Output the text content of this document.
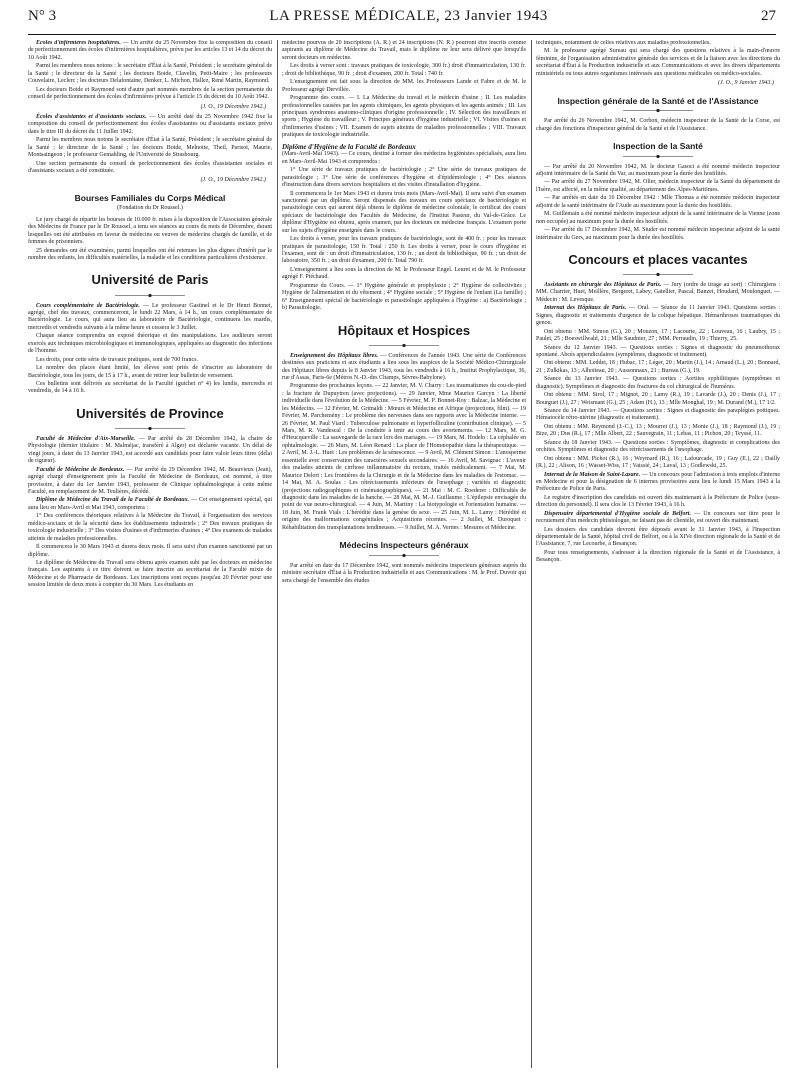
N° 3	LA PRESSE MÉDICALE, 23 Janvier 1943	27

Écoles d'infirmières hospitalières. — Un arrêté du 25 Novembre fixe la composition du conseil de perfectionnement des écoles d'infirmières hospitalières, prévu par les articles 13 et 14 du décret du 10 Août 1942.

Parmi les membres nous notons : le secrétaire d'État à la Santé, Président ; le secrétaire général de la Santé ; le directeur de la Santé ; les docteurs Boide, Clavelin, Petit-Maire ; les professeurs Couvelaire, Leclerc ; les docteurs Delafontaine, Denker, L. Michon, Hallez, René Martin, Raymond.

Les docteurs Boide et Raymond sont d'autre part nommés membres de la section permanente du conseil de perfectionnement des écoles d'infirmières prévue à l'article 15 du décret du 10 Août 1942.

(J. O., 19 Décembre 1942.)

Écoles d'assistantes et d'assistants sociaux. — Un arrêté daté du 25 Novembre 1942 fixe la composition du conseil de perfectionnement des écoles d'assistantes ou d'assistants sociaux prévu dans le titre III du décret du 11 Juillet 1942.

Parmi les membres nous notons le secrétaire d'État à la Santé, Président ; le secrétaire général de la Santé ; le directeur de la Santé ; les docteurs Boide, Melnotte, Theil, Parisot, Maurie, Montsaingeon ; le professeur Gemahling, de l'Université de Strasbourg.

Une section permanente du conseil de perfectionnement des écoles d'assistantes sociales et d'assistants sociaux a été constituée.

(J. O., 19 Décembre 1942.)
Bourses Familiales du Corps Médical
(Fondation du Dr Roussel.)

Le jury chargé de répartir les bourses de 10.000 fr. mises à la disposition de l'Association générale des Médecins de France par le Dr Roussel, a tenu ses séances au cours du mois de Décembre, durant lesquelles ont été attribuées en faveur de médecins ou veuves de médecins chargés de famille, et de femmes de prisonniers.

25 demandes ont été examinées, parmi lesquelles ont été retenues les plus dignes d'intérêt par le nombre des enfants, les difficultés matérielles, la maladie et les conditions particulières d'existence.

Université de Paris

Cours complémentaire de Bactériologie. — Le professeur Gastinel et le Dr Henri Bonnet, agrégé, chef des travaux, commenceront, le lundi 22 Mars, à 14 h., un cours complémentaire de Bactériologie. Le cours, qui aura lieu au laboratoire de Bactériologie, continuera les mardis, mercredis et vendredis suivants à la même heure et cessera le 3 Juillet.

Chaque séance comprendra un exposé théorique et des manipulations. Les auditeurs seront exercés aux techniques microbiologiques et immunologiques, appliquées au diagnostic des infections de l'homme.

Les droits, pour cette série de travaux pratiques, sont de 700 francs.

Le nombre des places étant limité, les élèves sont priés de s'inscrire au laboratoire de Bactériologie, tous les jours, de 15 à 17 h., avant de retirer leur bulletin de versement.

Ces bulletins sont délivrés au secrétariat de la Faculté (guichet n° 4) les lundis, mercredis et vendredis, de 14 à 16 h.

Universités de Province

Faculté de Médecine d'Aix-Marseille. — Par arrêté du 28 Décembre 1942, la chaire de Physiologie (dernier titulaire : M. Malméjac, transféré à Alger) est déclarée vacante. Un délai de vingt jours, à dater du 13 Janvier 1943, est accordé aux candidats pour faire valoir leurs titres (délai de rigueur).

Faculté de Médecine de Bordeaux. — Par arrêté du 29 Décembre 1942, M. Beauvieux (Jean), agrégé chargé d'enseignement près la Faculté de Médecine de Bordeaux, est nommé, à titre provisoire, à dater du 1er Janvier 1943, professeur de Clinique ophtalmologique à cette même Faculté, en remplacement de M. Teulières, décédé.

Diplôme de Médecine du Travail de la Faculté de Bordeaux. — Cet enseignement spécial, qui aura lieu en Mars-Avril et Mai 1943, comportera :

1° Des conférences théoriques relatives à la Médecine du Travail, à l'organisation des services médico-sociaux et de la sécurité dans les établissements industriels ; 2° Des travaux pratiques de toxicologie industrielle ; 3° Des visites d'usines et d'infirmeries d'usines ; 4° Des examens de malades atteints de maladies professionnelles.

Il commencera le 30 Mars 1943 et durera deux mois. Il sera suivi d'un examen sanctionné par un diplôme.

Le diplôme de Médecine du Travail sera obtenu après examen subi par les docteurs en médecine français. Les aspirants à ce titre doivent se faire inscrire au secrétariat de la Faculté mixte de Médecine et de Pharmacie de Bordeaux. Les inscriptions sont reçues jusqu'au 20 Février pour une session limitée de deux mois à compter du 30 Mars. Les étudiants en

médecine pourvus de 20 inscriptions (A. R.) et 24 inscriptions (N. R.) pourront être inscrits comme aspirants au diplôme de Médecine du Travail, mais le diplôme ne leur sera délivré que lorsqu'ils seront docteurs en médecine.

Les droits à verser sont : travaux pratiques de toxicologie, 300 fr.) droit d'immatriculation, 130 fr. ; droit de bibliothèque, 90 fr. ; droit d'examen, 200 fr. Total : 740 fr.

L'enseignement est fait sous la direction de MM. les Professeurs Lande et Fabre et de M. le Professeur agrégé Dervillée.

Programme des cours. — I. La Médecine du travail et le médecin d'usine ; II. Les maladies professionnelles causées par les agents chimiques, les agents physiques et les agents animés ; III. Les principaux syndromes anatomo-cliniques d'origine professionnelle ; IV. Sélection des travailleurs et sports ; Hygiène du travailleur ; V. Principes généraux d'hygiène industrielle ; VI. Visites d'usines et d'infirmeries d'usines ; VII. Examen de sujets atteints de maladies professionnelles ; VIII. Travaux pratiques de toxicologie industrielle.

Diplôme d'Hygiène de la Faculté de Bordeaux

(Mars-Avril-Mai 1943). — Ce cours, destiné à former des médecins hygiénistes spécialisés, aura lieu en Mars-Avril-Mai 1943 et comprendra :

1° Une série de travaux pratiques de bactériologie ; 2° Une série de travaux pratiques de parasitologie ; 3° Une série de conférences d'hygiène et d'épidémiologie ; 4° Des séances d'instruction dans divers services hospitaliers et des visites d'installation d'hygiène.

Il commencera le 1er Mars 1943 et durera trois mois (Mars-Avril-Mai). Il sera suivi d'un examen sanctionné par un diplôme. Seront dispensés des travaux en cours spéciaux de bactériologie et parasitologie ceux qui auront déjà obtenu le diplôme de médecine coloniale, le certificat des cours spéciaux de bactériologie des Facultés de Médecine, de l'Institut Pasteur, du Val-de-Grâce. Le diplôme d'Hygiène est obtenu, après examen, par les docteurs en médecine français. L'examen porte sur les sujets d'hygiène enseignés dans le cours.

Les droits à verser, pour les travaux pratiques de bactériologie, sont de 400 fr. ; pour les travaux pratiques de parasitologie, 150 fr. Total : 250 fr. Les droits à verser, pour le cours d'hygiène et l'examen, sont de : un droit d'immatriculation, 130 fr. ; un droit de bibliothèque, 90 fr. ; un droit de laboratoire, 350 fr. ; un droit d'examen, 200 fr. Total 790 fr.

L'enseignement a lieu sous la direction de M. le Professeur Engel. Leuret et de M. le Professeur agrégé F. Piéchaud.

Programme du Cours. — 1° Hygiène générale et prophylaxie ; 2° Hygiène de collectivités ; Hygiène de l'alimentation et du vêtement ; 4° Hygiène sociale ; 5° Hygiène de l'enfant (La famille) ; 6° Enseignement spécial de bactériologie et parasitologie appliquées à l'hygiène : a) Bactériologie ; b) Parasitologie.

Hôpitaux et Hospices

Enseignement des Hôpitaux libres. — Conférences de l'année 1943. Une série de Conférences destinées aux praticiens et aux étudiants a lieu sous les auspices de la Société Médico-Chirurgicale des Hôpitaux libres depuis le 8 Janvier 1943, tous les vendredis à 16 h., Institut Prophylactique, 36, rue d'Assas, Paris-6e (Métros N.-D.-des Champs, Sèvres-Babylone).

Programme des prochaines leçons. — 22 Janvier, M. V. Charry : Les traumatismes du cou-de-pied : la fracture de Dupuytren (avec projections). — 29 Janvier, Mme Maurice Garcyn : La liberté individuelle dans l'évolution de la Médecine. — 5 Février, M. P. Bonnet-Roy : Balzac, la Médecine et les Médecins. — 12 Février, M. Grimaldi : Mœurs et Médecine en Afrique (projections, film). — 19 Février, M. Parchemény : Le problème des nerveuses dans ses rapports avec la Médecine interne. — 26 Février, M. Paul Viard : Tuberculose pulmonaire et hyperfolliculine (contribution clinique). — 5 Mars, M. R. Vandescal : De la conduite à tenir au cours des avortements. — 12 Mars, M. G. d'Heucqueville : La sauvegarde de la race lors des mariages. — 19 Mars, M. Hodelo : La céphalée en ophtalmologie. — 26 Mars, M. Léon Renard : La place de l'Homœopathie dans la thérapeutique. — 2 Avril, M. J.-L. Huet : Les problèmes de la sénescence. — 9 Avril, M. Clément Simon : L'anosperme essentielle avec conservation des caractères sexuels secondaires. — 16 Avril, M. Savignac : L'avenir des malades atteints de cirrhose inflammatoire du rectum, traités médicalement. — 7 Mai, M. Maurice Delort : Les frontières de la Chirurgie et de la Médecine dans les maladies de l'estomac. — 14 Mai, M. A. Soulas : Les rétrécissements inférieurs de l'œsophage ; variétés et diagnostic (projections radiographiques et cinématographiques). — 21 Mai : M. C. Roederer : Difficultés de diagnostic dans les maladies de la hanche. — 28 Mai, M. M.-J. Guillaume : L'épilepsie envisagée du point de vue neuro-chirurgical. — 4 Juin, M. Martiny : La biotypologie et l'orientation humaine. — 18 Juin, M. Frank Vials : L'hérédité dans la genèse du sexe. — 25 Juin, M. L. Lamy : Hérédité et origine des malformations congénitales ; Acquisitions récentes. — 2 Juillet, M. Duroquet : Réhabilitation des transplantations tendineuses. — 9 Juillet, M. A. Vernes : Mesures et Médecine.

Médecins Inspecteurs généraux

Par arrêté en date du 17 Décembre 1942, sont nommés médecins inspecteurs généraux auprès du ministre secrétaire d'État à la Production industrielle et aux Communications : M. le Prof. Duvoir qui sera chargé de l'ensemble des études

techniques, notamment de celles relatives aux maladies professionnelles.

M. le professeur agrégé Sureau qui sera chargé des questions relatives à la main-d'œuvre féminine, de l'organisation administrative générale des services et de la liaison avec les directions du secrétariat d'État à la Production industrielle et aux Communications et avec les divers départements ministériels ou tous autres organismes intéressés aux questions médicales ou médico-sociales.

(J. O., 9 Janvier 1943.)
Inspection générale de la Santé et de l'Assistance

Par arrêté du 26 Novembre 1942, M. Corbon, médecin inspecteur de la Santé de la Corse, est chargé des fonctions d'inspecteur général de la Santé et de l'Assistance.

Inspection de la Santé

— Par arrêté du 20 Novembre 1942, M. le docteur Gasoci a été nommé médecin inspecteur adjoint intérimaire de la Santé du Var, au maximum pour la durée des hostilités.

— Par arrêté du 27 Novembre 1942, M. Olier, médecin inspecteur de la Santé du département de l'Isère, est affecté, en la même qualité, au département des Alpes-Maritimes.

— Par arrêtés en date du 16 Décembre 1942 : Mlle Thomas a été nommée médecin inspecteur adjoint de la santé intérimaire de l'Aude au maximum pour la durée des hostilités.

M. Guillemain a été nommé médecin inspecteur adjoint de la santé intérimaire de la Vienne (zone non occupée) au maximum pour la durée des hostilités.

— Par arrêté du 17 Décembre 1942, M. Studer est nommé médecin inspecteur adjoint de la santé intérimaire du Gers, au maximum pour la durée des hostilités.

Concours et places vacantes

Assistants en chirurgie des Hôpitaux de Paris. — Jury (ordre de tirage au sort) : Chirurgiens : MM. Charrier, Huet, Meillère, Bergeret, Labey, Gatellier, Pascal, Banzet, Houdard, Moulonguet. — Médecin : M. Levesque.

Internat des Hôpitaux de Paris. — Oral. — Séance du 11 Janvier 1943. Questions sorties : Signes, diagnostic et traitements d'urgence de la colique hépatique. Hémarthroses traumatiques du genou.

Ont obtenu : MM. Simon (G.), 20 ; Mouzon, 17 ; Lacourte, 22 ; Louveau, 16 ; Laubry, 15 ; Paulet, 25 ; Boeswillwald, 21 ; Mlle Saudnier, 27 ; MM. Perraudin, 19 ; Thierry, 25.

Séance du 12 Janvier 1943. — Questions sorties : Signes et diagnostic du pneumothorax spontané. Abcès appendiculaires (symptômes, diagnostic et traitement).

Ont obtenu : MM. Leddet, 18 ; Hubac, 17 ; Léger, 20 ; Martin (J.), 14 ; Arnaud (L.), 20 ; Bonnard, 21 ; Zulkikas, 13 ; Alhoiteau, 20 ; Aussonnaux, 21 ; Bureau (G.), 19.

Séance du 13 Janvier 1943. — Questions sorties : Aortites syphilitiques (symptômes et diagnostic). Symptômes et diagnostic des fractures du col chirurgical de l'humérus.

Ont obtenu : MM. Sirol, 17 ; Mignot, 20 ; Lamy (R.), 19 ; Lavarde (J.), 20 ; Denis (J.), 17 ; Bourguet (J.), 27 ; Weismant (G.), 25 ; Adam (H.), 13 ; Mlle Monghal, 19 ; M. Durand (M.), 17 1/2.

Séance du 14 Janvier 1943. — Questions sorties : Signes et diagnostic des paraplégies pottiques. Hématocèle rétro-utérine (diagnostic et traitement).

Ont obtenu : MM. Reymond (J.-C.), 13 ; Mourret (J.), 13 ; Monie (J.), 18 ; Raymond (J.), 19 ; Bize, 20 ; Dus (R.), 17 ; Mlle Albert, 22 ; Sauvegrain, 11 ; Lebas, 11 ; Pichon, 20 ; Teyssé, 11.

Séance du 18 Janvier 1943. — Questions sorties : Symptômes, diagnostic et complications des orchites. Symptômes et diagnostic des rétrécissements de l'œsophage.

Ont obtenu : MM. Pichot (R.), 16 ; Weymard (R.), 16 ; Lafourcade, 19 ; Guy (E.), 22 ; Dailly (R.), 22 ; Alison, 16 ; Wasset-Wiss, 17 ; Vaissié, 24 ; Laval, 13 ; Godlewski, 25.

Internat de la Maison de Saint-Lazare. — Un concours pour l'admission à trois emplois d'interne en Médecine et pour la désignation de 6 internes provisoires aura lieu le lundi 15 Mars 1943 à la Préfecture de Police de Paris.

Le registre d'inscription des candidats est ouvert dès maintenant à la Préfecture de Police (sous-direction du personnel). Il sera clos le 13 Février 1943, à 16 h.

Dispensaire départemental d'Hygiène sociale de Belfort. — Un concours sur titre pour le recrutement d'un médecin phtisiologue, ne faisant pas de clientèle, est ouvert dès maintenant.

Les dossiers des candidats devront être déposés avant le 31 Janvier 1943, à l'Inspection départementale de la Santé, hôpital civil de Belfort, ou à la XIVe direction régionale de la Santé et de l'Assistance, 7, rue Lecourbe, à Besançon.

Pour tous renseignements, s'adresser à la direction régionale de la Santé et de l'Assistance, à Besançon.
